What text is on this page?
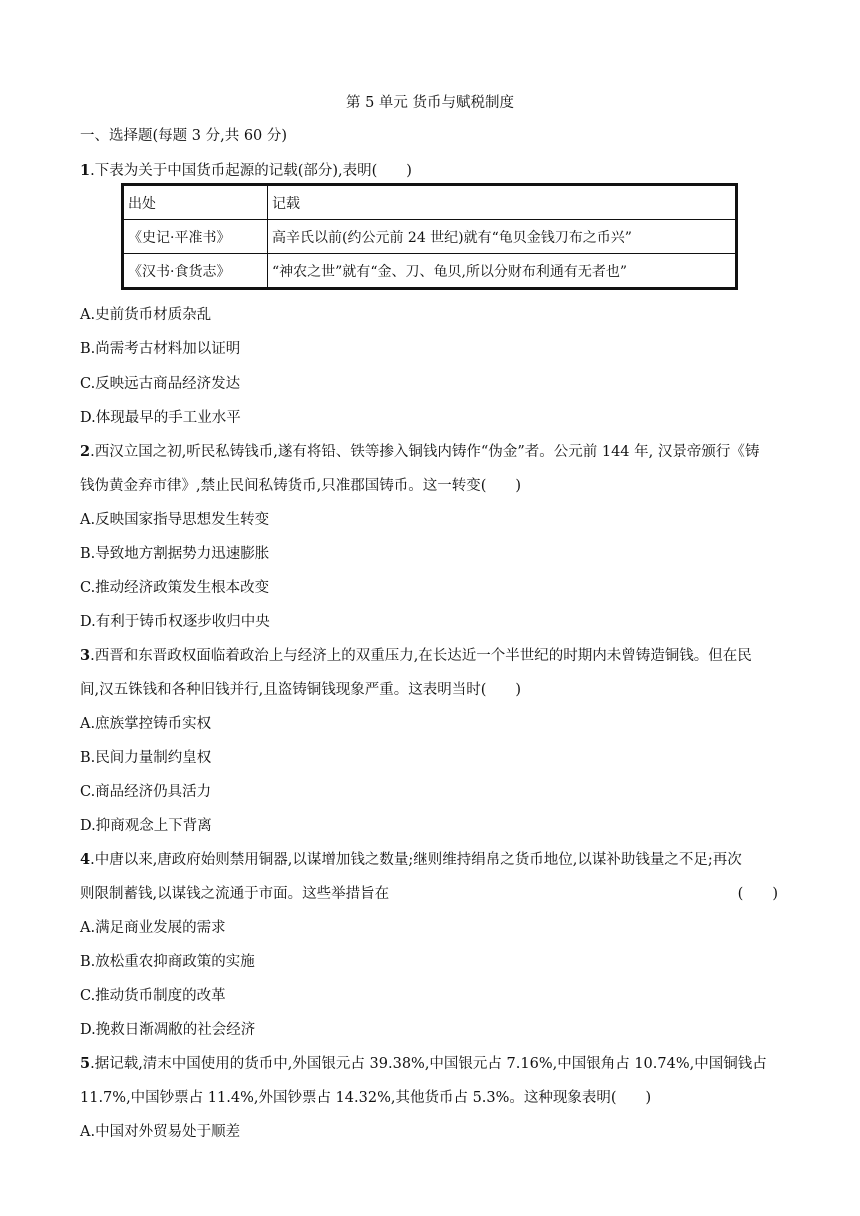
第 5 单元 货币与赋税制度
一、选择题(每题 3 分,共 60 分)
1.下表为关于中国货币起源的记载(部分),表明(　　)
出处	记载
《史记·平准书》	高辛氏以前(约公元前 24 世纪)就有“龟贝金钱刀布之币兴”
《汉书·食货志》	“神农之世”就有“金、刀、龟贝,所以分财布利通有无者也”
A.史前货币材质杂乱
B.尚需考古材料加以证明
C.反映远古商品经济发达
D.体现最早的手工业水平
2.西汉立国之初,听民私铸钱币,遂有将铅、铁等掺入铜钱内铸作“伪金”者。公元前 144 年, 汉景帝颁行《铸
钱伪黄金弃市律》,禁止民间私铸货币,只准郡国铸币。这一转变(　　)
A.反映国家指导思想发生转变
B.导致地方割据势力迅速膨胀
C.推动经济政策发生根本改变
D.有利于铸币权逐步收归中央
3.西晋和东晋政权面临着政治上与经济上的双重压力,在长达近一个半世纪的时期内未曾铸造铜钱。但在民
间,汉五铢钱和各种旧钱并行,且盗铸铜钱现象严重。这表明当时(　　)
A.庶族掌控铸币实权
B.民间力量制约皇权
C.商品经济仍具活力
D.抑商观念上下背离
4.中唐以来,唐政府始则禁用铜器,以谋增加钱之数量;继则维持绢帛之货币地位,以谋补助钱量之不足;再次
则限制蓄钱,以谋钱之流通于市面。这些举措旨在	(　　)
A.满足商业发展的需求
B.放松重农抑商政策的实施
C.推动货币制度的改革
D.挽救日渐凋敝的社会经济
5.据记载,清末中国使用的货币中,外国银元占 39.38%,中国银元占 7.16%,中国银角占 10.74%,中国铜钱占
11.7%,中国钞票占 11.4%,外国钞票占 14.32%,其他货币占 5.3%。这种现象表明(　　)
A.中国对外贸易处于顺差
